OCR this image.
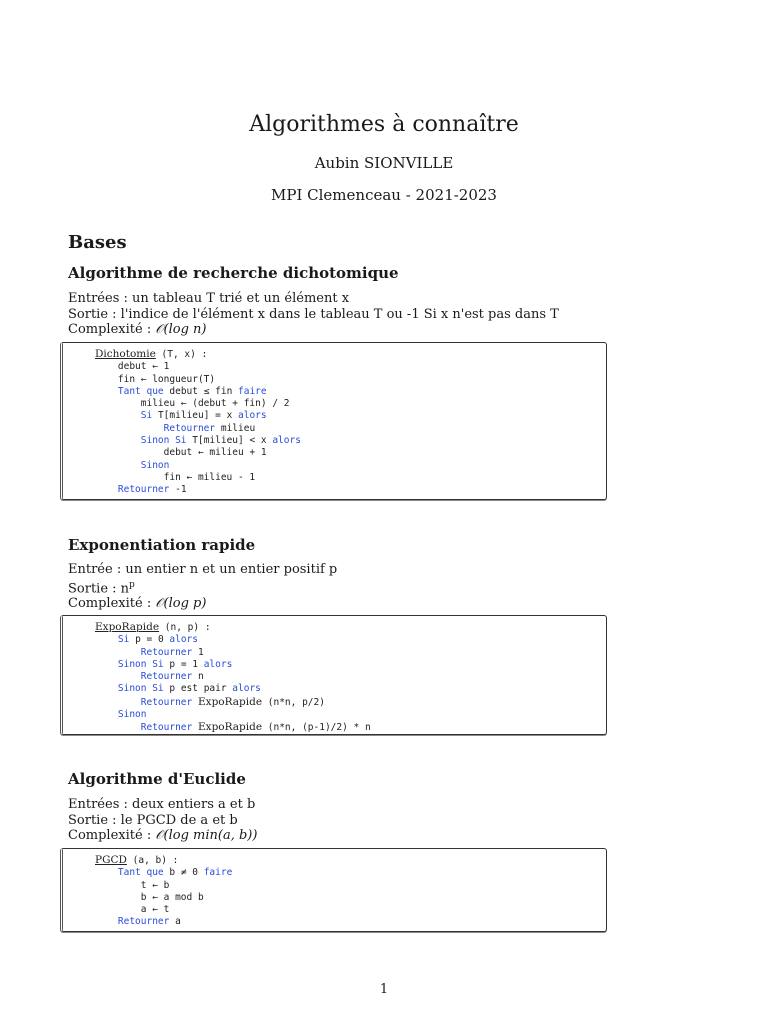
Algorithmes à connaître
Aubin SIONVILLE
MPI Clemenceau - 2021-2023
Bases
Algorithme de recherche dichotomique
Entrées : un tableau T trié et un élément x
Sortie : l'indice de l'élément x dans le tableau T ou -1 Si x n'est pas dans T
Complexité : 𝒪(log n)
Dichotomie (T, x) :
debut ← 1
fin ← longueur(T)
Tant que debut ≤ fin faire
milieu ← (debut + fin) / 2
Si T[milieu] = x alors
Retourner milieu
Sinon Si T[milieu] < x alors
debut ← milieu + 1
Sinon
fin ← milieu - 1
Retourner -1
Exponentiation rapide
Entrée : un entier n et un entier positif p
Sortie : $n^p$
Complexité : 𝒪(log p)
ExpoRapide (n, p) :
Si p = 0 alors
Retourner 1
Sinon Si p = 1 alors
Retourner n
Sinon Si p est pair alors
Retourner ExpoRapide (n*n, p/2)
Sinon
Retourner ExpoRapide (n*n, (p-1)/2) * n
Algorithme d'Euclide
Entrées : deux entiers a et b
Sortie : le PGCD de a et b
Complexité : 𝒪(log min(a, b))
PGCD (a, b) :
Tant que b ≠ 0 faire
t ← b
b ← a mod b
a ← t
Retourner a
1
